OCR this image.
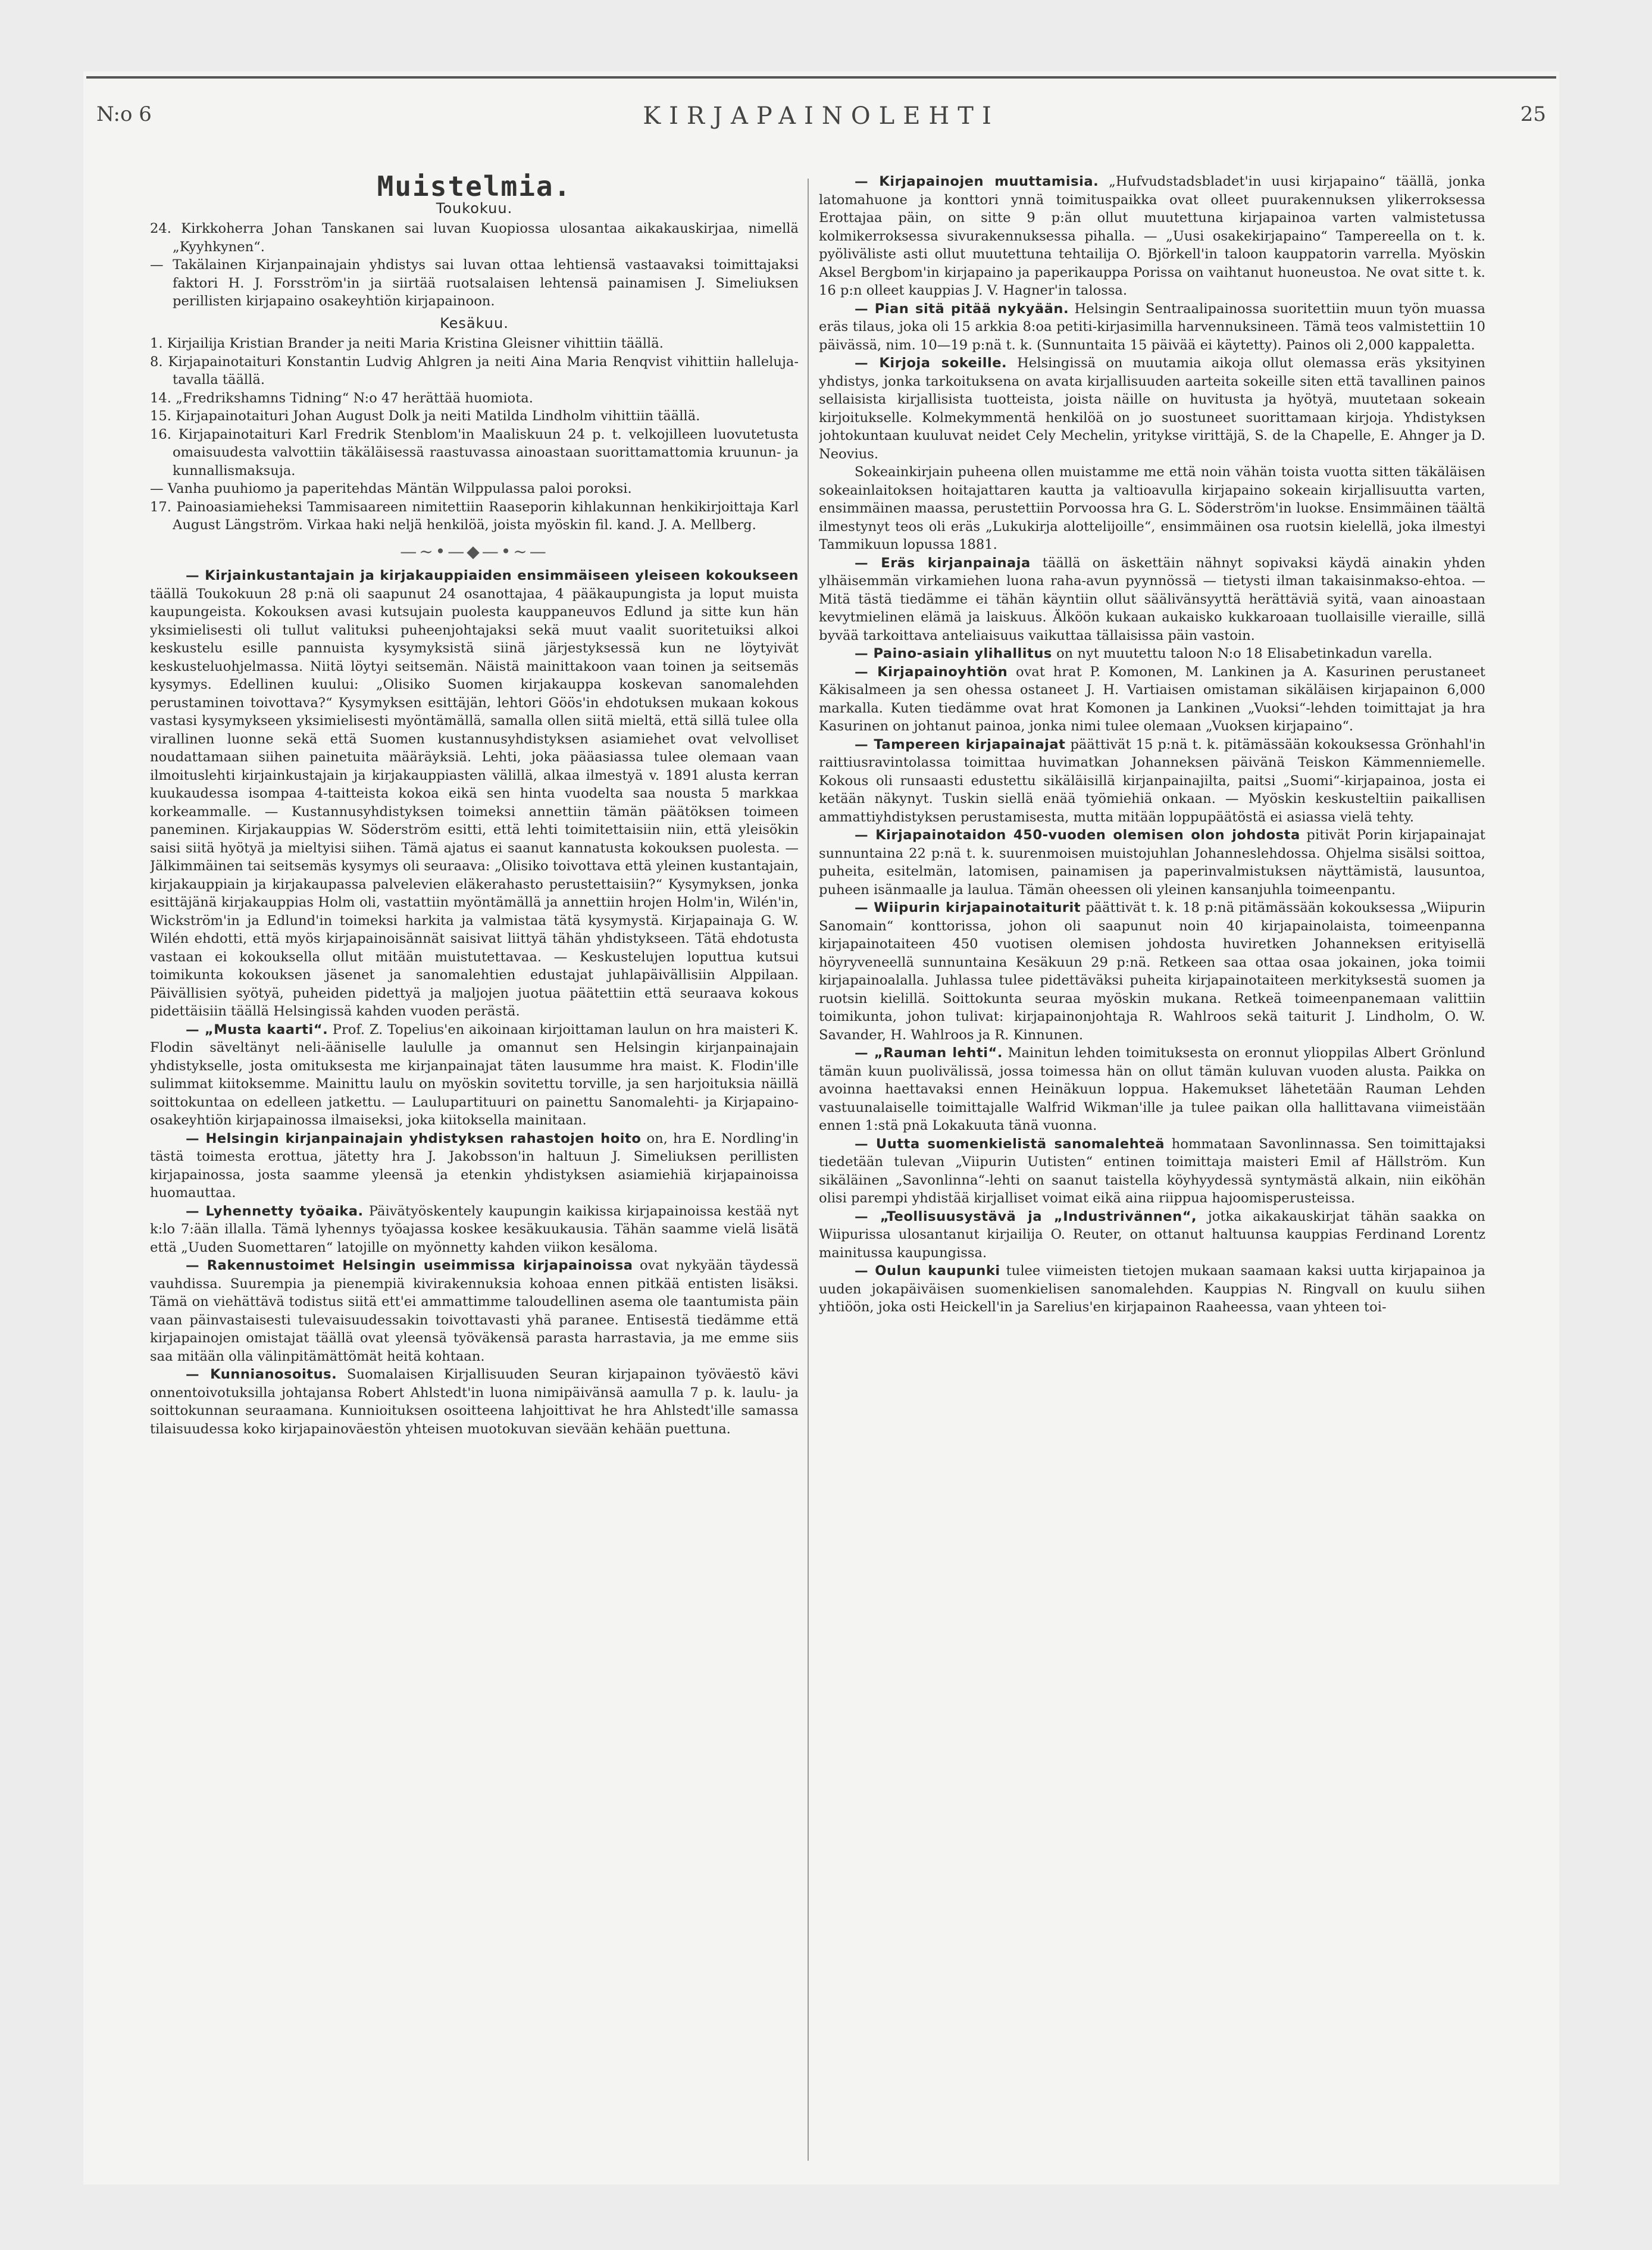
N:o 6	KIRJAPAINOLEHTI	25
Muistelmia.
Toukokuu.

24. Kirkkoherra Johan Tanskanen sai luvan Kuopiossa ulosantaa aikakauskirjaa, nimellä „Kyyhkynen“.

— Takälainen Kirjanpainajain yhdistys sai luvan ottaa lehtiensä vastaavaksi toimittajaksi faktori H. J. Forsström'in ja siirtää ruotsalaisen lehtensä painamisen J. Simeliuksen perillisten kirjapaino osakeyhtiön kirjapainoon.

Kesäkuu.

1. Kirjailija Kristian Brander ja neiti Maria Kristina Gleisner vihittiin täällä.

8. Kirjapainotaituri Konstantin Ludvig Ahlgren ja neiti Aina Maria Renqvist vihittiin halleluja-tavalla täällä.

14. „Fredrikshamns Tidning“ N:o 47 herättää huomiota.

15. Kirjapainotaituri Johan August Dolk ja neiti Matilda Lindholm vihittiin täällä.

16. Kirjapainotaituri Karl Fredrik Stenblom'in Maaliskuun 24 p. t. velkojilleen luovutetusta omaisuudesta valvottiin täkäläisessä raastuvassa ainoastaan suorittamattomia kruunun- ja kunnallismaksuja.

— Vanha puuhiomo ja paperitehdas Mäntän Wilppulassa paloi poroksi.

17. Painoasiamieheksi Tammisaareen nimitettiin Raaseporin kihlakunnan henkikirjoittaja Karl August Längström. Virkaa haki neljä henkilöä, joista myöskin fil. kand. J. A. Mellberg.

—~•—◆—•~—

— Kirjainkustantajain ja kirjakauppiaiden ensimmäiseen yleiseen kokoukseen täällä Toukokuun 28 p:nä oli saapunut 24 osanottajaa, 4 pääkaupungista ja loput muista kaupungeista. Kokouksen avasi kutsujain puolesta kauppaneuvos Edlund ja sitte kun hän yksimielisesti oli tullut valituksi puheenjohtajaksi sekä muut vaalit suoritetuiksi alkoi keskustelu esille pannuista kysymyksistä siinä järjestyksessä kun ne löytyivät keskusteluohjelmassa. Niitä löytyi seitsemän. Näistä mainittakoon vaan toinen ja seitsemäs kysymys. Edellinen kuului: „Olisiko Suomen kirjakauppa koskevan sanomalehden perustaminen toivottava?“ Kysymyksen esittäjän, lehtori Göös'in ehdotuksen mukaan kokous vastasi kysymykseen yksimielisesti myöntämällä, samalla ollen siitä mieltä, että sillä tulee olla virallinen luonne sekä että Suomen kustannusyhdistyksen asiamiehet ovat velvolliset noudattamaan siihen painetuita määräyksiä. Lehti, joka pääasiassa tulee olemaan vaan ilmoituslehti kirjainkustajain ja kirjakauppiasten välillä, alkaa ilmestyä v. 1891 alusta kerran kuukaudessa isompaa 4-taitteista kokoa eikä sen hinta vuodelta saa nousta 5 markkaa korkeammalle. — Kustannusyhdistyksen toimeksi annettiin tämän päätöksen toimeen paneminen. Kirjakauppias W. Söderström esitti, että lehti toimitettaisiin niin, että yleisökin saisi siitä hyötyä ja mieltyisi siihen. Tämä ajatus ei saanut kannatusta kokouksen puolesta. — Jälkimmäinen tai seitsemäs kysymys oli seuraava: „Olisiko toivottava että yleinen kustantajain, kirjakauppiain ja kirjakaupassa palvelevien eläkerahasto perustettaisiin?“ Kysymyksen, jonka esittäjänä kirjakauppias Holm oli, vastattiin myöntämällä ja annettiin hrojen Holm'in, Wilén'in, Wickström'in ja Edlund'in toimeksi harkita ja valmistaa tätä kysymystä. Kirjapainaja G. W. Wilén ehdotti, että myös kirjapainoisännät saisivat liittyä tähän yhdistykseen. Tätä ehdotusta vastaan ei kokouksella ollut mitään muistutettavaa. — Keskustelujen loputtua kutsui toimikunta kokouksen jäsenet ja sanomalehtien edustajat juhlapäivällisiin Alppilaan. Päivällisien syötyä, puheiden pidettyä ja maljojen juotua päätettiin että seuraava kokous pidettäisiin täällä Helsingissä kahden vuoden perästä.

— „Musta kaarti“. Prof. Z. Topelius'en aikoinaan kirjoittaman laulun on hra maisteri K. Flodin säveltänyt neli-ääniselle laululle ja omannut sen Helsingin kirjanpainajain yhdistykselle, josta omituksesta me kirjanpainajat täten lausumme hra maist. K. Flodin'ille sulimmat kiitoksemme. Mainittu laulu on myöskin sovitettu torville, ja sen harjoituksia näillä soittokuntaa on edelleen jatkettu. — Laulupartituuri on painettu Sanomalehti- ja Kirjapaino-osakeyhtiön kirjapainossa ilmaiseksi, joka kiitoksella mainitaan.

— Helsingin kirjanpainajain yhdistyksen rahastojen hoito on, hra E. Nordling'in tästä toimesta erottua, jätetty hra J. Jakobsson'in haltuun J. Simeliuksen perillisten kirjapainossa, josta saamme yleensä ja etenkin yhdistyksen asiamiehiä kirjapainoissa huomauttaa.

— Lyhennetty työaika. Päivätyöskentely kaupungin kaikissa kirjapainoissa kestää nyt k:lo 7:ään illalla. Tämä lyhennys työajassa koskee kesäkuukausia. Tähän saamme vielä lisätä että „Uuden Suomettaren“ latojille on myönnetty kahden viikon kesäloma.

— Rakennustoimet Helsingin useimmissa kirjapainoissa ovat nykyään täydessä vauhdissa. Suurempia ja pienempiä kivirakennuksia kohoaa ennen pitkää entisten lisäksi. Tämä on viehättävä todistus siitä ett'ei ammattimme taloudellinen asema ole taantumista päin vaan päinvastaisesti tulevaisuudessakin toivottavasti yhä paranee. Entisestä tiedämme että kirjapainojen omistajat täällä ovat yleensä työväkensä parasta harrastavia, ja me emme siis saa mitään olla välinpitämättömät heitä kohtaan.

— Kunnianosoitus. Suomalaisen Kirjallisuuden Seuran kirjapainon työväestö kävi onnentoivotuksilla johtajansa Robert Ahlstedt'in luona nimipäivänsä aamulla 7 p. k. laulu- ja soittokunnan seuraamana. Kunnioituksen osoitteena lahjoittivat he hra Ahlstedt'ille samassa tilaisuudessa koko kirjapainoväestön yhteisen muotokuvan sievään kehään puettuna.

— Kirjapainojen muuttamisia. „Hufvudstadsbladet'in uusi kirjapaino“ täällä, jonka latomahuone ja konttori ynnä toimituspaikka ovat olleet puurakennuksen ylikerroksessa Erottajaa päin, on sitte 9 p:än ollut muutettuna kirjapainoa varten valmistetussa kolmikerroksessa sivurakennuksessa pihalla. — „Uusi osakekirjapaino“ Tampereella on t. k. pyöliväliste asti ollut muutettuna tehtailija O. Björkell'in taloon kauppatorin varrella. Myöskin Aksel Bergbom'in kirjapaino ja paperikauppa Porissa on vaihtanut huoneustoa. Ne ovat sitte t. k. 16 p:n olleet kauppias J. V. Hagner'in talossa.

— Pian sitä pitää nykyään. Helsingin Sentraalipainossa suoritettiin muun työn muassa eräs tilaus, joka oli 15 arkkia 8:oa petiti-kirjasimilla harvennuksineen. Tämä teos valmistettiin 10 päivässä, nim. 10—19 p:nä t. k. (Sunnuntaita 15 päivää ei käytetty). Painos oli 2,000 kappaletta.

— Kirjoja sokeille. Helsingissä on muutamia aikoja ollut olemassa eräs yksityinen yhdistys, jonka tarkoituksena on avata kirjallisuuden aarteita sokeille siten että tavallinen painos sellaisista kirjallisista tuotteista, joista näille on huvitusta ja hyötyä, muutetaan sokeain kirjoitukselle. Kolmekymmentä henkilöä on jo suostuneet suorittamaan kirjoja. Yhdistyksen johtokuntaan kuuluvat neidet Cely Mechelin, yritykse virittäjä, S. de la Chapelle, E. Ahnger ja D. Neovius.

Sokeainkirjain puheena ollen muistamme me että noin vähän toista vuotta sitten täkäläisen sokeainlaitoksen hoitajattaren kautta ja valtioavulla kirjapaino sokeain kirjallisuutta varten, ensimmäinen maassa, perustettiin Porvoossa hra G. L. Söderström'in luokse. Ensimmäinen täältä ilmestynyt teos oli eräs „Lukukirja alottelijoille“, ensimmäinen osa ruotsin kielellä, joka ilmestyi Tammikuun lopussa 1881.

— Eräs kirjanpainaja täällä on äskettäin nähnyt sopivaksi käydä ainakin yhden ylhäisemmän virkamiehen luona raha-avun pyynnössä — tietysti ilman takaisinmakso-ehtoa. — Mitä tästä tiedämme ei tähän käyntiin ollut säälivänsyyttä herättäviä syitä, vaan ainoastaan kevytmielinen elämä ja laiskuus. Älköön kukaan aukaisko kukkaroaan tuollaisille vieraille, sillä byvää tarkoittava anteliaisuus vaikuttaa tällaisissa päin vastoin.

— Paino-asiain ylihallitus on nyt muutettu taloon N:o 18 Elisabetinkadun varella.

— Kirjapainoyhtiön ovat hrat P. Komonen, M. Lankinen ja A. Kasurinen perustaneet Käkisalmeen ja sen ohessa ostaneet J. H. Vartiaisen omistaman sikäläisen kirjapainon 6,000 markalla. Kuten tiedämme ovat hrat Komonen ja Lankinen „Vuoksi“-lehden toimittajat ja hra Kasurinen on johtanut painoa, jonka nimi tulee olemaan „Vuoksen kirjapaino“.

— Tampereen kirjapainajat päättivät 15 p:nä t. k. pitämässään kokouksessa Grönhahl'in raittiusravintolassa toimittaa huvimatkan Johanneksen päivänä Teiskon Kämmenniemelle. Kokous oli runsaasti edustettu sikäläisillä kirjanpainajilta, paitsi „Suomi“-kirjapainoa, josta ei ketään näkynyt. Tuskin siellä enää työmiehiä onkaan. — Myöskin keskusteltiin paikallisen ammattiyhdistyksen perustamisesta, mutta mitään loppupäätöstä ei asiassa vielä tehty.

— Kirjapainotaidon 450-vuoden olemisen olon johdosta pitivät Porin kirjapainajat sunnuntaina 22 p:nä t. k. suurenmoisen muistojuhlan Johanneslehdossa. Ohjelma sisälsi soittoa, puheita, esitelmän, latomisen, painamisen ja paperinvalmistuksen näyttämistä, lausuntoa, puheen isänmaalle ja laulua. Tämän oheessen oli yleinen kansanjuhla toimeenpantu.

— Wiipurin kirjapainotaiturit päättivät t. k. 18 p:nä pitämässään kokouksessa „Wiipurin Sanomain“ konttorissa, johon oli saapunut noin 40 kirjapainolaista, toimeenpanna kirjapainotaiteen 450 vuotisen olemisen johdosta huviretken Johanneksen erityisellä höyryveneellä sunnuntaina Kesäkuun 29 p:nä. Retkeen saa ottaa osaa jokainen, joka toimii kirjapainoalalla. Juhlassa tulee pidettäväksi puheita kirjapainotaiteen merkityksestä suomen ja ruotsin kielillä. Soittokunta seuraa myöskin mukana. Retkeä toimeenpanemaan valittiin toimikunta, johon tulivat: kirjapainonjohtaja R. Wahlroos sekä taiturit J. Lindholm, O. W. Savander, H. Wahlroos ja R. Kinnunen.

— „Rauman lehti“. Mainitun lehden toimituksesta on eronnut ylioppilas Albert Grönlund tämän kuun puolivälissä, jossa toimessa hän on ollut tämän kuluvan vuoden alusta. Paikka on avoinna haettavaksi ennen Heinäkuun loppua. Hakemukset lähetetään Rauman Lehden vastuunalaiselle toimittajalle Walfrid Wikman'ille ja tulee paikan olla hallittavana viimeistään ennen 1:stä pnä Lokakuuta tänä vuonna.

— Uutta suomenkielistä sanomalehteä hommataan Savonlinnassa. Sen toimittajaksi tiedetään tulevan „Viipurin Uutisten“ entinen toimittaja maisteri Emil af Hällström. Kun sikäläinen „Savonlinna“-lehti on saanut taistella köyhyydessä syntymästä alkain, niin eiköhän olisi parempi yhdistää kirjalliset voimat eikä aina riippua hajoomisperusteissa.

— „Teollisuusystävä ja „Industrivännen“, jotka aikakauskirjat tähän saakka on Wiipurissa ulosantanut kirjailija O. Reuter, on ottanut haltuunsa kauppias Ferdinand Lorentz mainitussa kaupungissa.

— Oulun kaupunki tulee viimeisten tietojen mukaan saamaan kaksi uutta kirjapainoa ja uuden jokapäiväisen suomenkielisen sanomalehden. Kauppias N. Ringvall on kuulu siihen yhtiöön, joka osti Heickell'in ja Sarelius'en kirjapainon Raaheessa, vaan yhteen toi-
